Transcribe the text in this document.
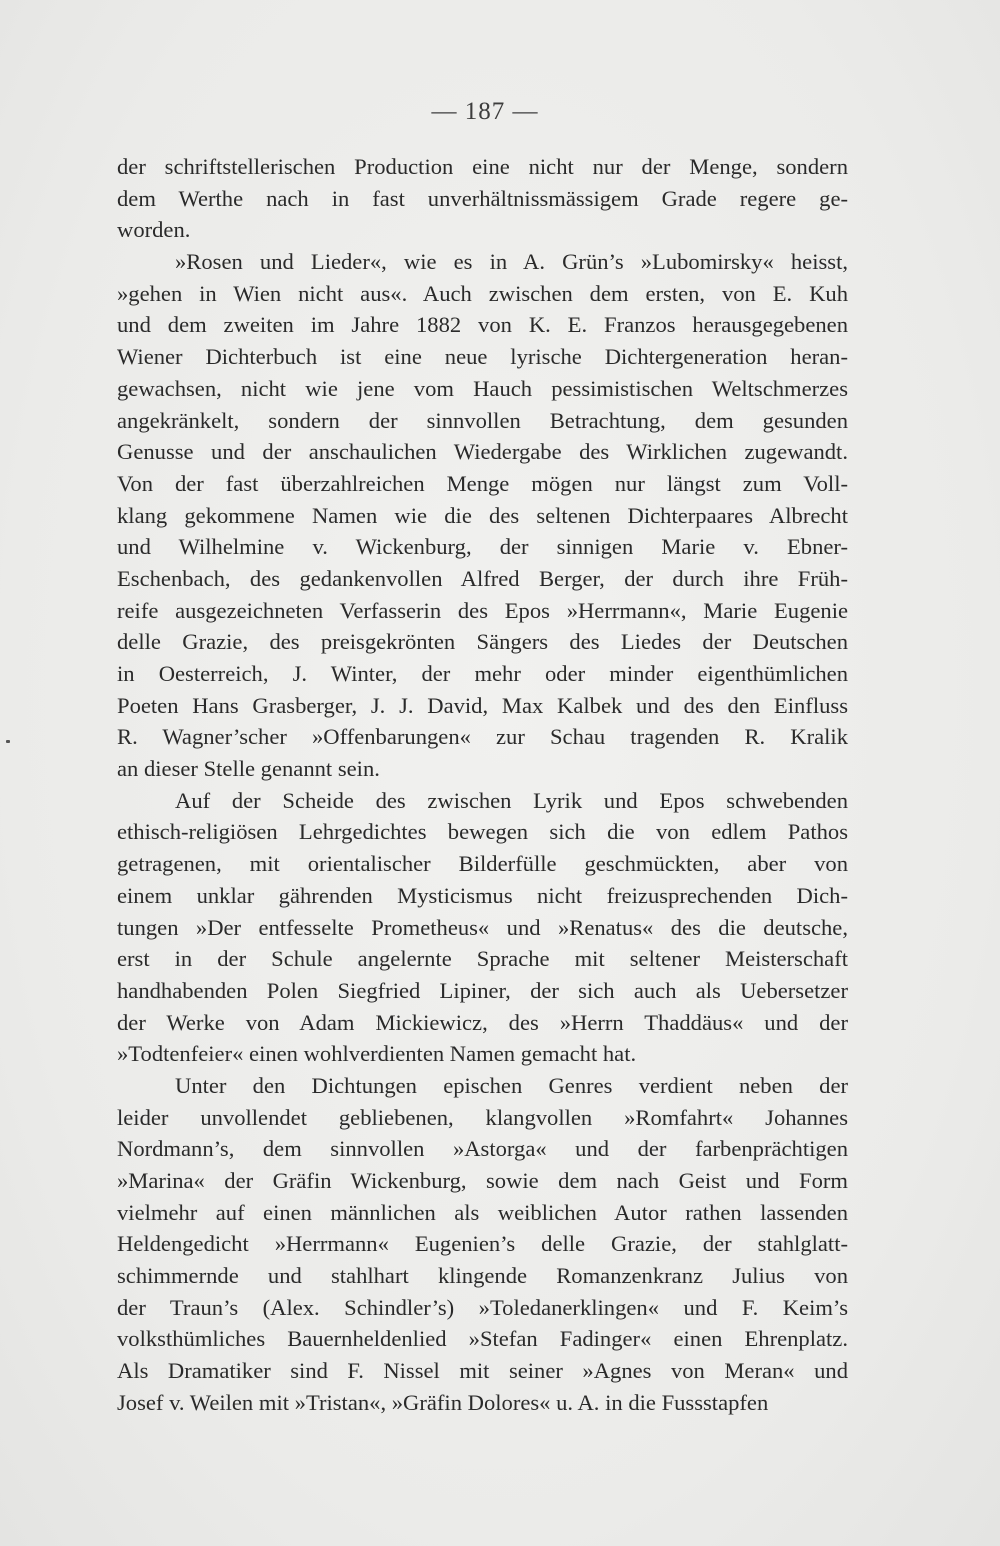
— 187 —
der schriftstellerischen Production eine nicht nur der Menge, sondern
dem Werthe nach in fast unverhältnissmässigem Grade regere ge-
worden.
»Rosen und Lieder«, wie es in A. Grün’s »Lubomirsky« heisst,
»gehen in Wien nicht aus«. Auch zwischen dem ersten, von E. Kuh
und dem zweiten im Jahre 1882 von K. E. Franzos herausgegebenen
Wiener Dichterbuch ist eine neue lyrische Dichtergeneration heran-
gewachsen, nicht wie jene vom Hauch pessimistischen Weltschmerzes
angekränkelt, sondern der sinnvollen Betrachtung, dem gesunden
Genusse und der anschaulichen Wiedergabe des Wirklichen zugewandt.
Von der fast überzahlreichen Menge mögen nur längst zum Voll-
klang gekommene Namen wie die des seltenen Dichterpaares Albrecht
und Wilhelmine v. Wickenburg, der sinnigen Marie v. Ebner-
Eschenbach, des gedankenvollen Alfred Berger, der durch ihre Früh-
reife ausgezeichneten Verfasserin des Epos »Herrmann«, Marie Eugenie
delle Grazie, des preisgekrönten Sängers des Liedes der Deutschen
in Oesterreich, J. Winter, der mehr oder minder eigenthümlichen
Poeten Hans Grasberger, J. J. David, Max Kalbek und des den Einfluss
R. Wagner’scher »Offenbarungen« zur Schau tragenden R. Kralik
an dieser Stelle genannt sein.
Auf der Scheide des zwischen Lyrik und Epos schwebenden
ethisch-religiösen Lehrgedichtes bewegen sich die von edlem Pathos
getragenen, mit orientalischer Bilderfülle geschmückten, aber von
einem unklar gährenden Mysticismus nicht freizusprechenden Dich-
tungen »Der entfesselte Prometheus« und »Renatus« des die deutsche,
erst in der Schule angelernte Sprache mit seltener Meisterschaft
handhabenden Polen Siegfried Lipiner, der sich auch als Uebersetzer
der Werke von Adam Mickiewicz, des »Herrn Thaddäus« und der
»Todtenfeier« einen wohlverdienten Namen gemacht hat.
Unter den Dichtungen epischen Genres verdient neben der
leider unvollendet gebliebenen, klangvollen »Romfahrt« Johannes
Nordmann’s, dem sinnvollen »Astorga« und der farbenprächtigen
»Marina« der Gräfin Wickenburg, sowie dem nach Geist und Form
vielmehr auf einen männlichen als weiblichen Autor rathen lassenden
Heldengedicht »Herrmann« Eugenien’s delle Grazie, der stahlglatt-
schimmernde und stahlhart klingende Romanzenkranz Julius von
der Traun’s (Alex. Schindler’s) »Toledanerklingen« und F. Keim’s
volksthümliches Bauernheldenlied »Stefan Fadinger« einen Ehrenplatz.
Als Dramatiker sind F. Nissel mit seiner »Agnes von Meran« und
Josef v. Weilen mit »Tristan«, »Gräfin Dolores« u. A. in die Fussstapfen
